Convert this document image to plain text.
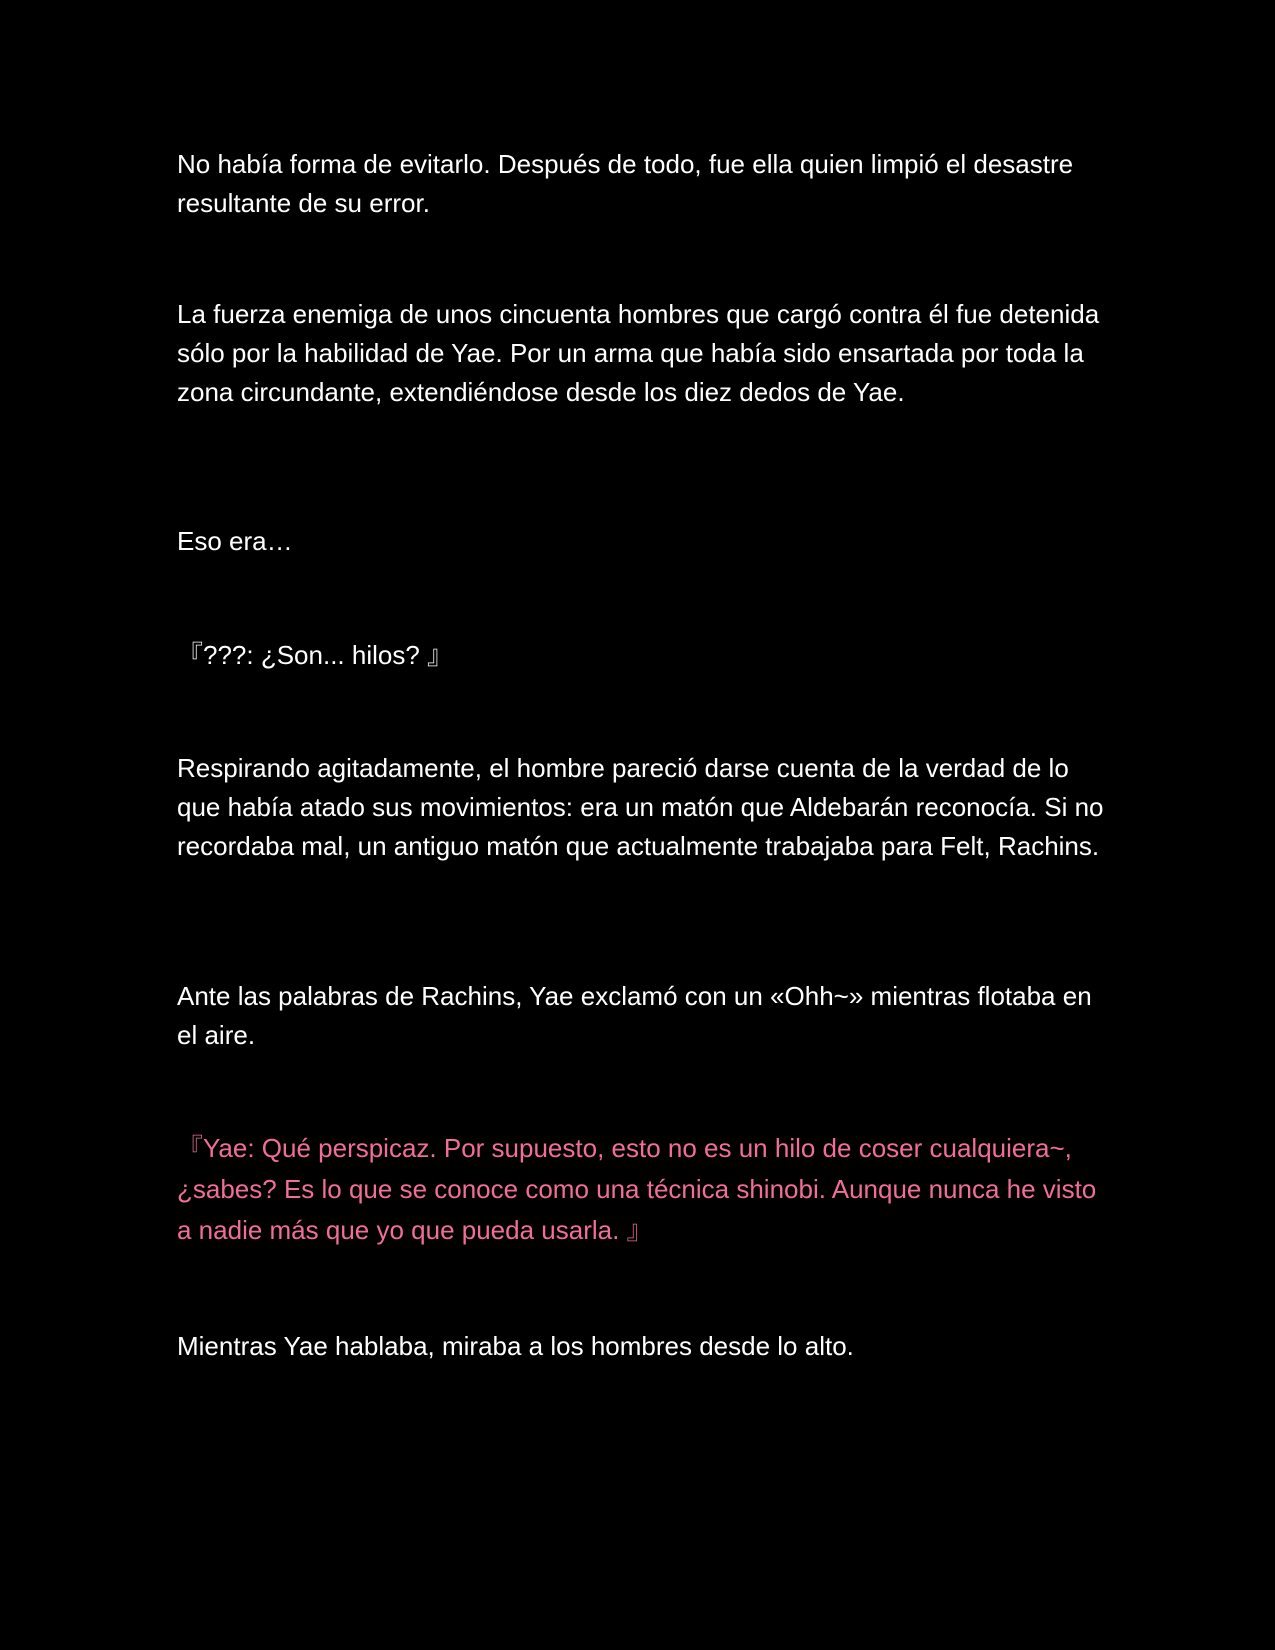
No había forma de evitarlo. Después de todo, fue ella quien limpió el desastre resultante de su error.

La fuerza enemiga de unos cincuenta hombres que cargó contra él fue detenida sólo por la habilidad de Yae. Por un arma que había sido ensartada por toda la zona circundante, extendiéndose desde los diez dedos de Yae.

Eso era…

『???: ¿Son... hilos? 』

Respirando agitadamente, el hombre pareció darse cuenta de la verdad de lo que había atado sus movimientos: era un matón que Aldebarán reconocía. Si no recordaba mal, un antiguo matón que actualmente trabajaba para Felt, Rachins.

Ante las palabras de Rachins, Yae exclamó con un «Ohh~» mientras flotaba en el aire.

『Yae: Qué perspicaz. Por supuesto, esto no es un hilo de coser cualquiera~, ¿sabes? Es lo que se conoce como una técnica shinobi. Aunque nunca he visto a nadie más que yo que pueda usarla. 』

Mientras Yae hablaba, miraba a los hombres desde lo alto.
